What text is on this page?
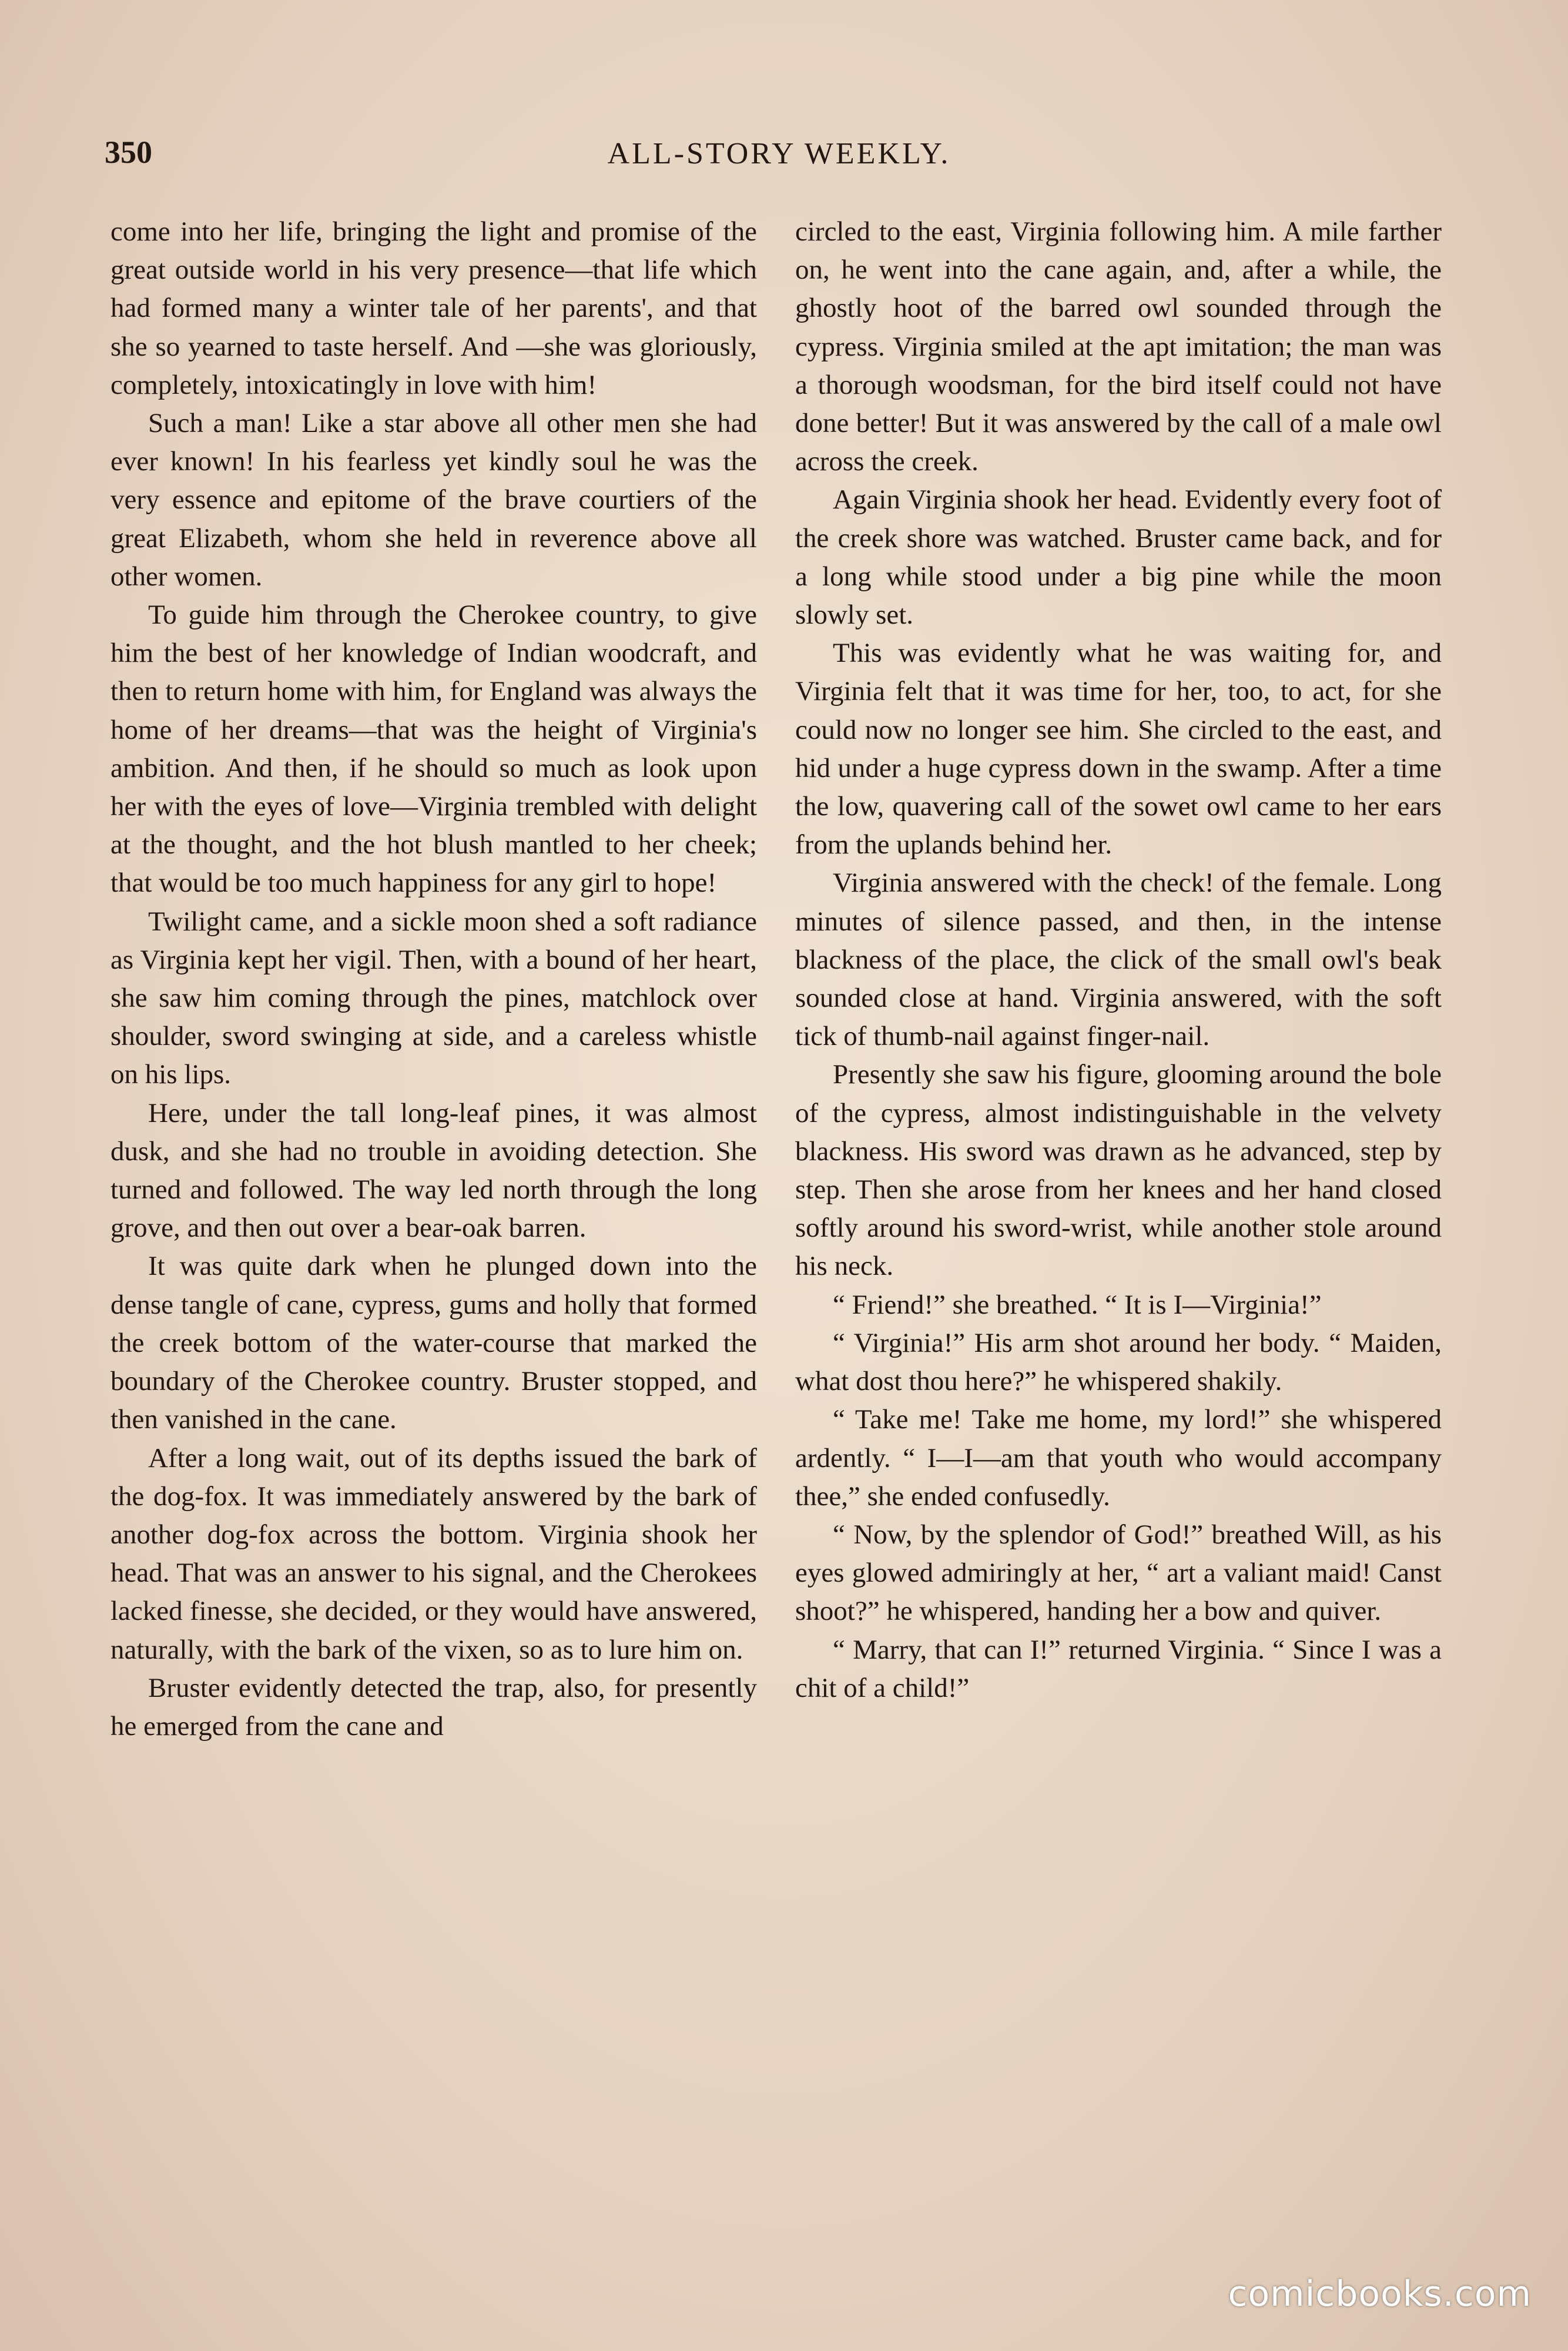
350	ALL-STORY WEEKLY.

come into her life, bringing the light and promise of the great outside world in his very presence—that life which had formed many a winter tale of her parents', and that she so yearned to taste herself. And —she was gloriously, completely, intoxicatingly in love with him!

Such a man! Like a star above all other men she had ever known! In his fearless yet kindly soul he was the very essence and epitome of the brave courtiers of the great Elizabeth, whom she held in reverence above all other women.

To guide him through the Cherokee country, to give him the best of her knowledge of Indian woodcraft, and then to return home with him, for England was always the home of her dreams—that was the height of Virginia's ambition. And then, if he should so much as look upon her with the eyes of love—Virginia trembled with delight at the thought, and the hot blush mantled to her cheek; that would be too much happiness for any girl to hope!

Twilight came, and a sickle moon shed a soft radiance as Virginia kept her vigil. Then, with a bound of her heart, she saw him coming through the pines, matchlock over shoulder, sword swinging at side, and a careless whistle on his lips.

Here, under the tall long-leaf pines, it was almost dusk, and she had no trouble in avoiding detection. She turned and followed. The way led north through the long grove, and then out over a bear-oak barren.

It was quite dark when he plunged down into the dense tangle of cane, cypress, gums and holly that formed the creek bottom of the water-course that marked the boundary of the Cherokee country. Bruster stopped, and then vanished in the cane.

After a long wait, out of its depths issued the bark of the dog-fox. It was immediately answered by the bark of another dog-fox across the bottom. Virginia shook her head. That was an answer to his signal, and the Cherokees lacked finesse, she decided, or they would have answered, naturally, with the bark of the vixen, so as to lure him on.

Bruster evidently detected the trap, also, for presently he emerged from the cane and

circled to the east, Virginia following him. A mile farther on, he went into the cane again, and, after a while, the ghostly hoot of the barred owl sounded through the cypress. Virginia smiled at the apt imitation; the man was a thorough woodsman, for the bird itself could not have done better! But it was answered by the call of a male owl across the creek.

Again Virginia shook her head. Evidently every foot of the creek shore was watched. Bruster came back, and for a long while stood under a big pine while the moon slowly set.

This was evidently what he was waiting for, and Virginia felt that it was time for her, too, to act, for she could now no longer see him. She circled to the east, and hid under a huge cypress down in the swamp. After a time the low, quavering call of the sowet owl came to her ears from the uplands behind her.

Virginia answered with the check! of the female. Long minutes of silence passed, and then, in the intense blackness of the place, the click of the small owl's beak sounded close at hand. Virginia answered, with the soft tick of thumb-nail against finger-nail.

Presently she saw his figure, glooming around the bole of the cypress, almost indistinguishable in the velvety blackness. His sword was drawn as he advanced, step by step. Then she arose from her knees and her hand closed softly around his sword-wrist, while another stole around his neck.

“ Friend!” she breathed. “ It is I—Virginia!”

“ Virginia!” His arm shot around her body. “ Maiden, what dost thou here?” he whispered shakily.

“ Take me! Take me home, my lord!” she whispered ardently. “ I—I—am that youth who would accompany thee,” she ended confusedly.

“ Now, by the splendor of God!” breathed Will, as his eyes glowed admiringly at her, “ art a valiant maid! Canst shoot?” he whispered, handing her a bow and quiver.

“ Marry, that can I!” returned Virginia. “ Since I was a chit of a child!”

comicbooks.com
